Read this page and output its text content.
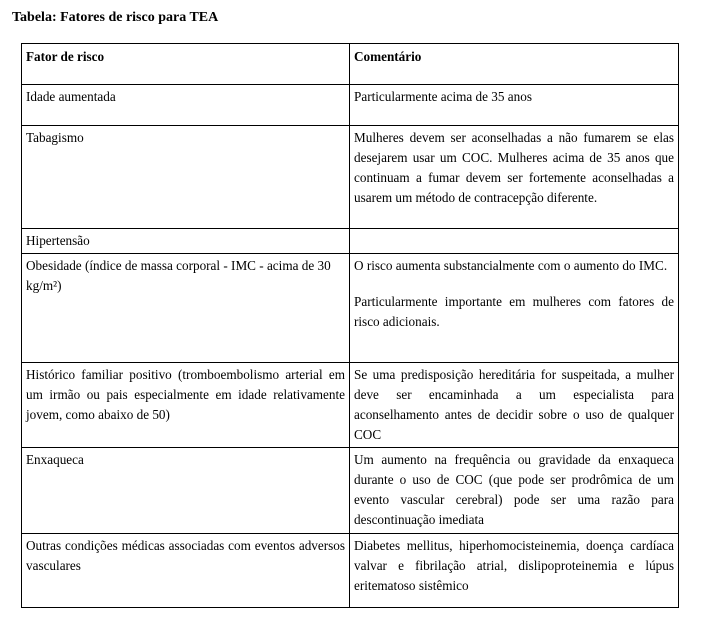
Tabela: Fatores de risco para TEA
Fator de risco	Comentário
Idade aumentada	Particularmente acima de 35 anos

Tabagismo	Mulheres devem ser aconselhadas a não fumarem se elas desejarem usar um COC. Mulheres acima de 35 anos que continuam a fumar devem ser fortemente aconselhadas a usarem um método de contracepção diferente.

Hipertensão	

Obesidade (índice de massa corporal - IMC - acima de 30 kg/m²)	O risco aumenta substancialmente com o aumento do IMC.

Particularmente importante em mulheres com fatores de risco adicionais.

Histórico familiar positivo (tromboembolismo arterial em um irmão ou pais especialmente em idade relativamente jovem, como abaixo de 50)	Se uma predisposição hereditária for suspeitada, a mulher deve ser encaminhada a um especialista para aconselhamento antes de decidir sobre o uso de qualquer COC

Enxaqueca	Um aumento na frequência ou gravidade da enxaqueca durante o uso de COC (que pode ser prodrômica de um evento vascular cerebral) pode ser uma razão para descontinuação imediata

Outras condições médicas associadas com eventos adversos vasculares	Diabetes mellitus, hiperhomocisteinemia, doença cardíaca valvar e fibrilação atrial, dislipoproteinemia e lúpus eritematoso sistêmico
